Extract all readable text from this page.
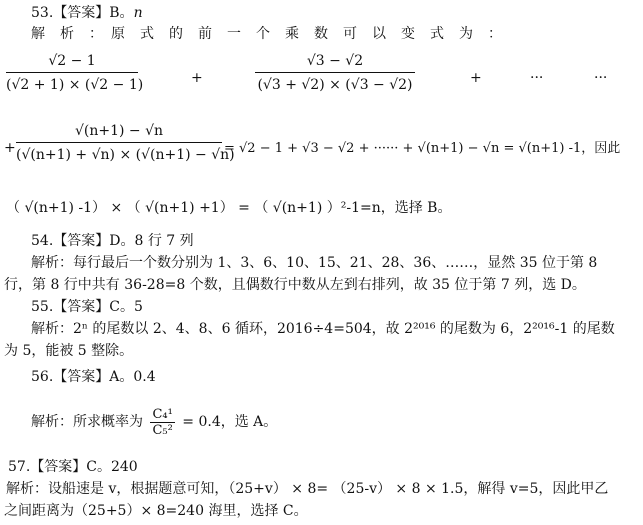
53.【答案】B。n
解　析　：　原　式　的　前　一　个　乘　数　可　以　变　式　为　：
$\frac{√2 - 1}{(√2 + 1) \times (√2 - 1)}$	+	$\frac{√3 - √2}{(√3 + √2) \times (√3 - √2)}$	+	···	···
+ $\frac{√(n+1) - √n}{(√(n+1) + √n) \times (√(n+1) - √n)} = √2 - 1 + √3 - √2$ + ······ + √(n+1) − √n = √(n+1) -1，因此
（ √(n+1) -1） × （ √(n+1) +1） = （ √(n+1) ）²-1=n，选择 B。
54.【答案】D。8 行 7 列
解析：每行最后一个数分别为 1、3、6、10、15、21、28、36、……，显然 35 位于第 8
行，第 8 行中共有 36-28=8 个数，且偶数行中数从左到右排列，故 35 位于第 7 列，选 D。
55.【答案】C。5
解析：2ⁿ 的尾数以 2、4、8、6 循环，2016÷4=504，故 2²⁰¹⁶ 的尾数为 6，2²⁰¹⁶-1 的尾数
为 5，能被 5 整除。
56.【答案】A。0.4
解析：所求概率为 $\frac{\text{C₄¹}}{\text{C₅²}} = 0.4$，选 A。
57.【答案】C。240
解析：设船速是 v，根据题意可知，（25+v） × 8= （25-v） × 8 × 1.5，解得 v=5，因此甲乙
之间距离为（25+5）× 8=240 海里，选择 C。
